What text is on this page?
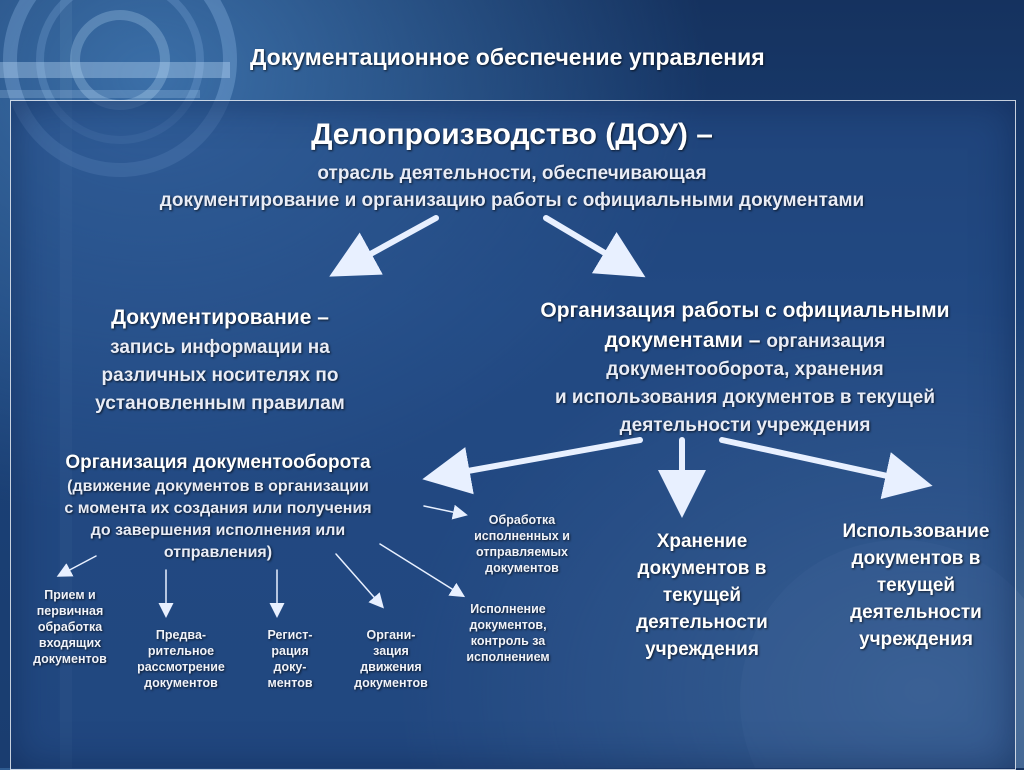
Документационное обеспечение управления
Делопроизводство (ДОУ) –
отрасль деятельности, обеспечивающая
документирование и организацию работы с официальными документами
Документирование –
запись информации на
различных носителях по
установленным правилам
Организация работы с официальными
документами – организация
документооборота, хранения
и использования документов в текущей
деятельности учреждения
Организация документооборота
(движение документов в организации
с момента их создания или получения
до завершения исполнения или
отправления)
Прием и
первичная
обработка
входящих
документов
Предва-
рительное
рассмотрение
документов
Регист-
рация
доку-
ментов
Органи-
зация
движения
документов
Обработка
исполненных и
отправляемых
документов
Исполнение
документов,
контроль за
исполнением
Хранение
документов в
текущей
деятельности
учреждения
Использование
документов в
текущей
деятельности
учреждения
